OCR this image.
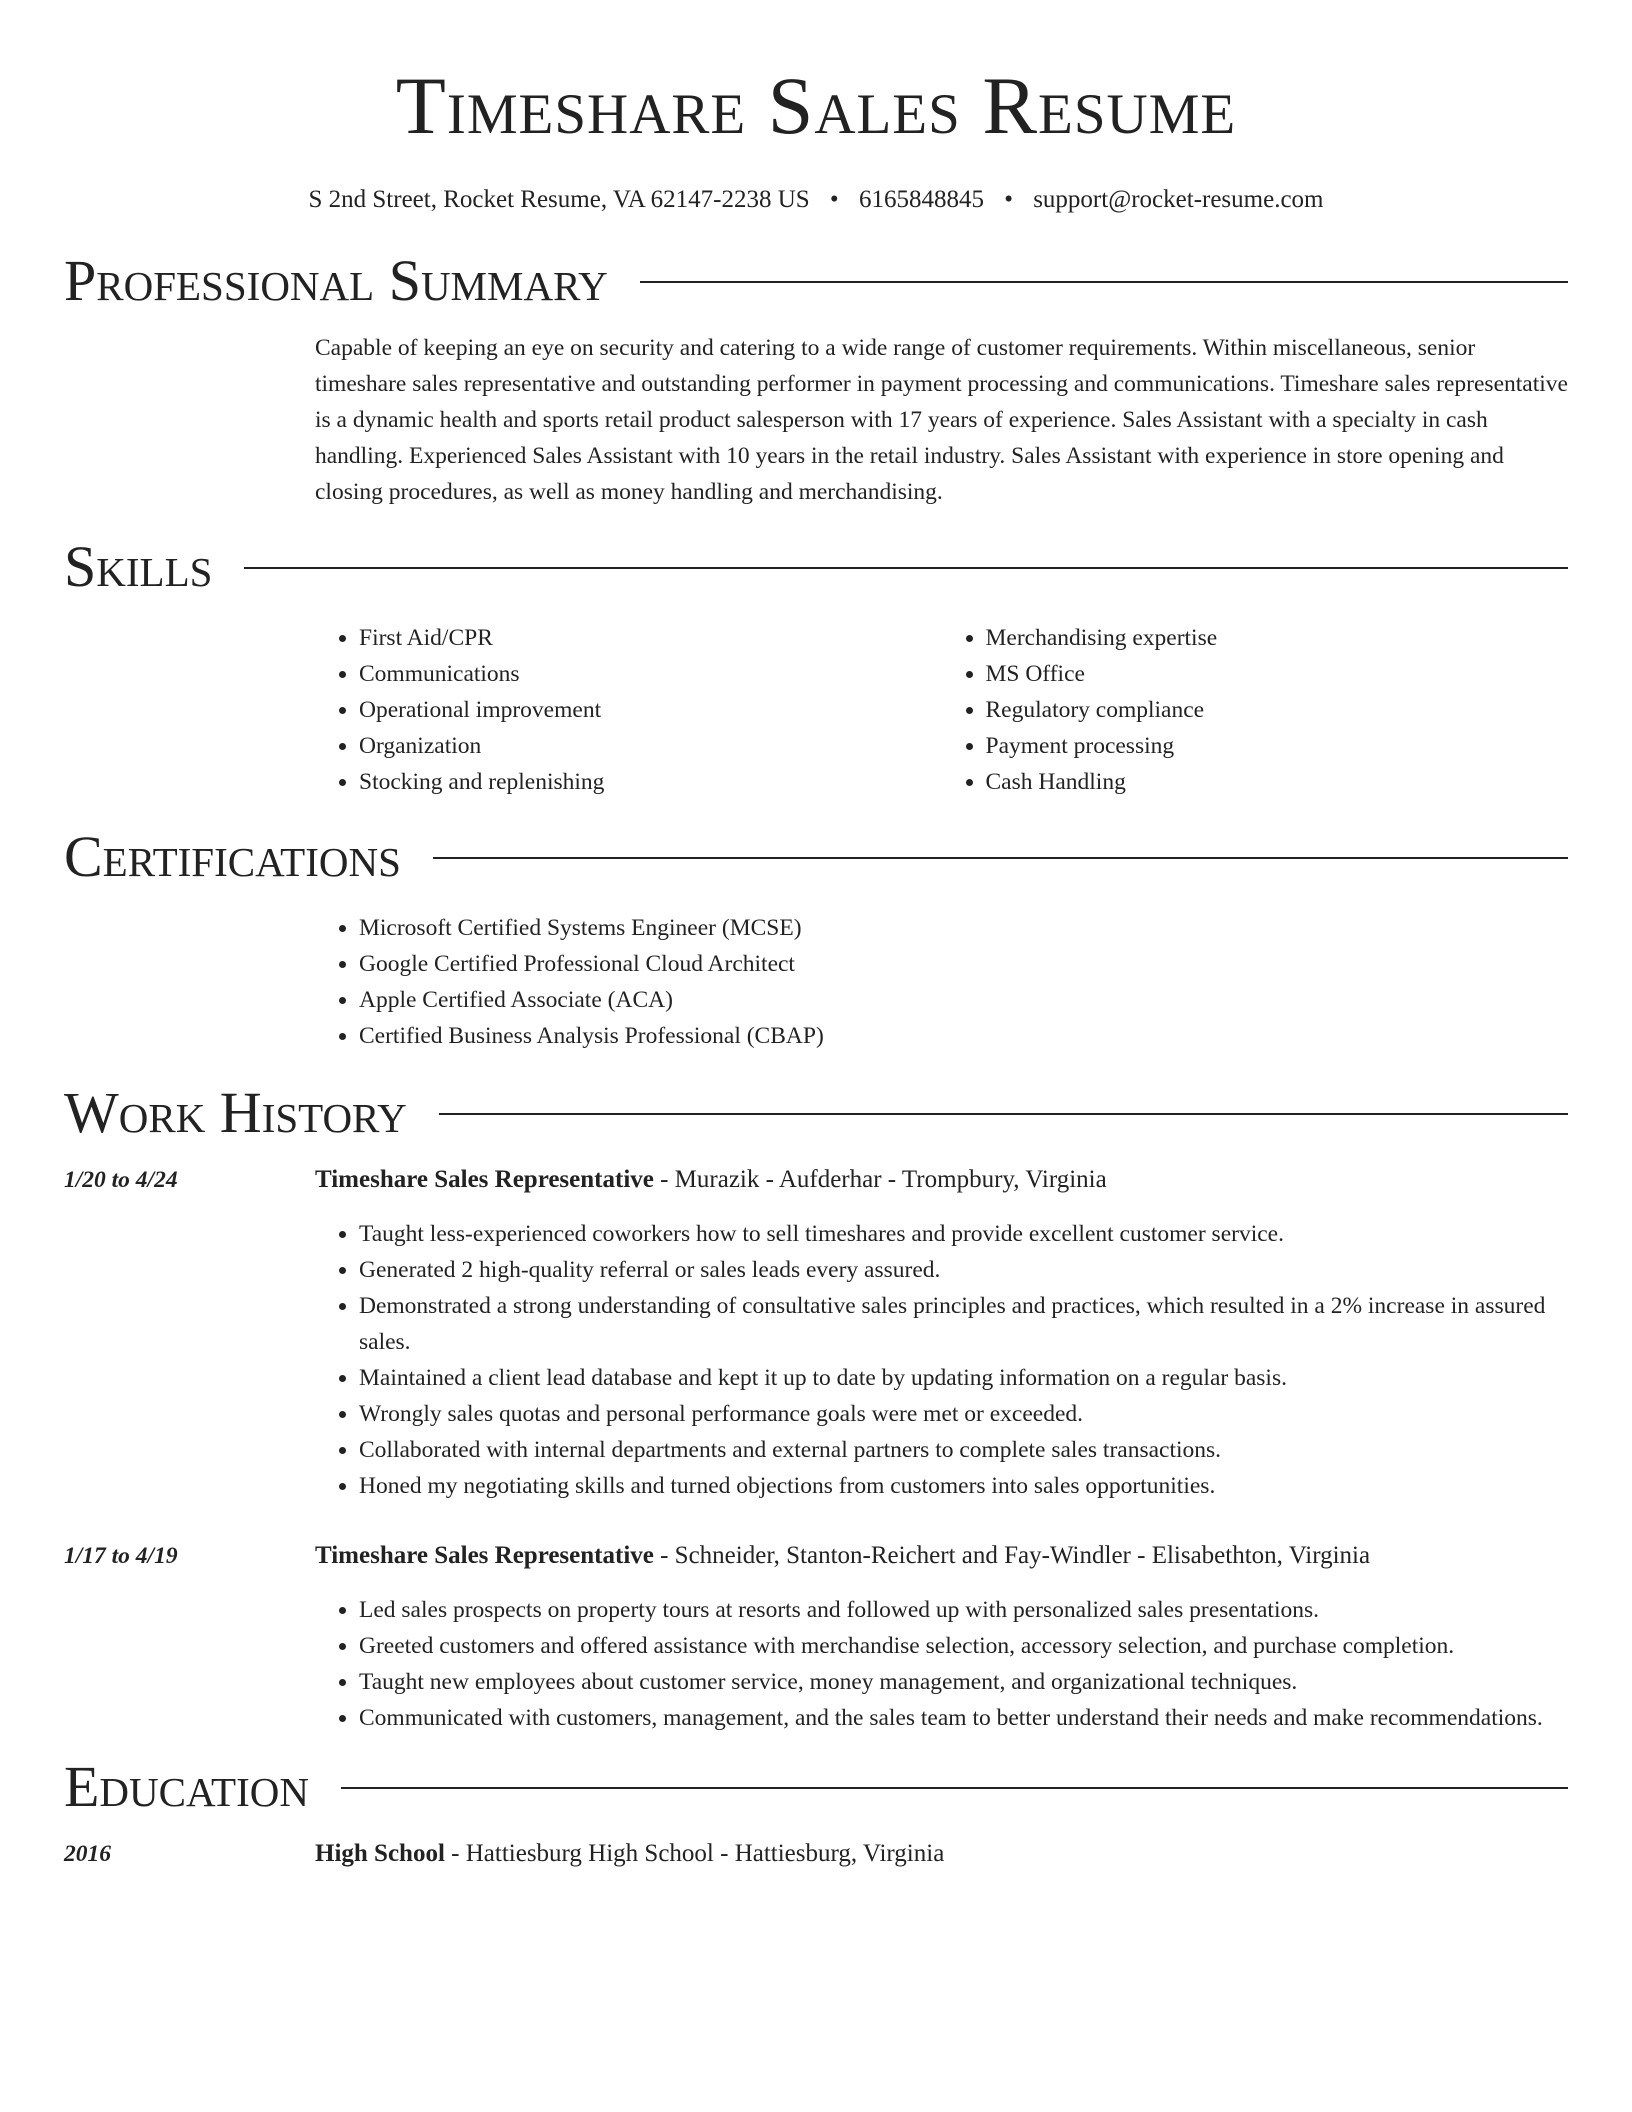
Timeshare Sales Resume
S 2nd Street, Rocket Resume, VA 62147-2238 US • 6165848845 • support@rocket-resume.com
Professional Summary

Capable of keeping an eye on security and catering to a wide range of customer requirements. Within miscellaneous, senior timeshare sales representative and outstanding performer in payment processing and communications. Timeshare sales representative is a dynamic health and sports retail product salesperson with 17 years of experience. Sales Assistant with a specialty in cash handling. Experienced Sales Assistant with 10 years in the retail industry. Sales Assistant with experience in store opening and closing procedures, as well as money handling and merchandising.

Skills
• First Aid/CPR
• Communications
• Operational improvement
• Organization
• Stocking and replenishing
• Merchandising expertise
• MS Office
• Regulatory compliance
• Payment processing
• Cash Handling
Certifications
• Microsoft Certified Systems Engineer (MCSE)
• Google Certified Professional Cloud Architect
• Apple Certified Associate (ACA)
• Certified Business Analysis Professional (CBAP)
Work History
1/20 to 4/24	Timeshare Sales Representative - Murazik - Aufderhar - Trompbury, Virginia
• Taught less-experienced coworkers how to sell timeshares and provide excellent customer service.
• Generated 2 high-quality referral or sales leads every assured.
• Demonstrated a strong understanding of consultative sales principles and practices, which resulted in a 2% increase in assured sales.
• Maintained a client lead database and kept it up to date by updating information on a regular basis.
• Wrongly sales quotas and personal performance goals were met or exceeded.
• Collaborated with internal departments and external partners to complete sales transactions.
• Honed my negotiating skills and turned objections from customers into sales opportunities.
1/17 to 4/19	Timeshare Sales Representative - Schneider, Stanton-Reichert and Fay-Windler - Elisabethton, Virginia
• Led sales prospects on property tours at resorts and followed up with personalized sales presentations.
• Greeted customers and offered assistance with merchandise selection, accessory selection, and purchase completion.
• Taught new employees about customer service, money management, and organizational techniques.
• Communicated with customers, management, and the sales team to better understand their needs and make recommendations.
Education
2016	High School - Hattiesburg High School - Hattiesburg, Virginia
